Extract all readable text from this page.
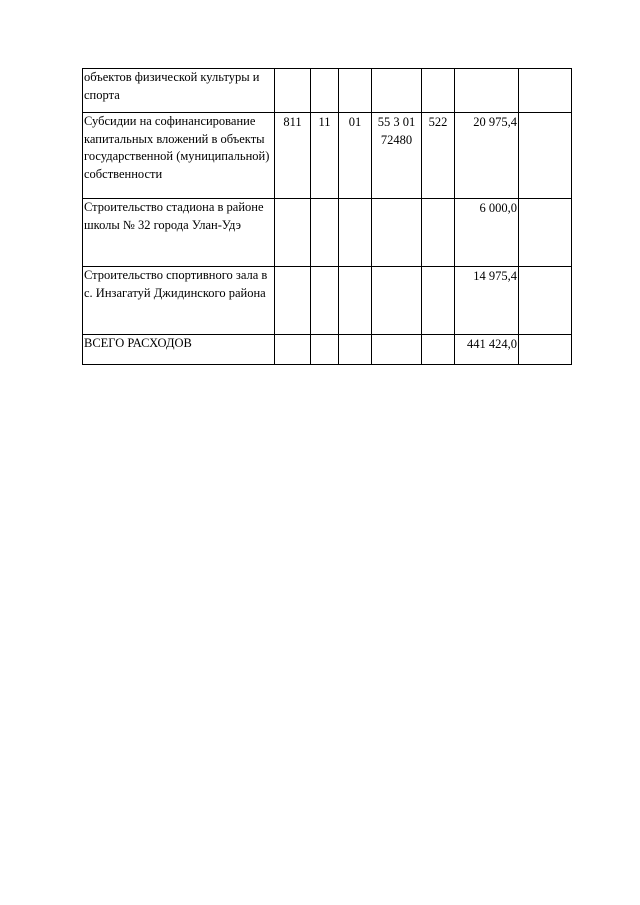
объектов физической культуры и спорта							
Субсидии на софинансирование капитальных вложений в объекты государственной (муниципальной) собственности	811	11	01	55 3 01 72480	522	20 975,4	
Строительство стадиона в районе школы № 32 города Улан-Удэ						6 000,0	
Строительство спортивного зала в с. Инзагатуй Джидинского района						14 975,4	
ВСЕГО РАСХОДОВ						441 424,0	
